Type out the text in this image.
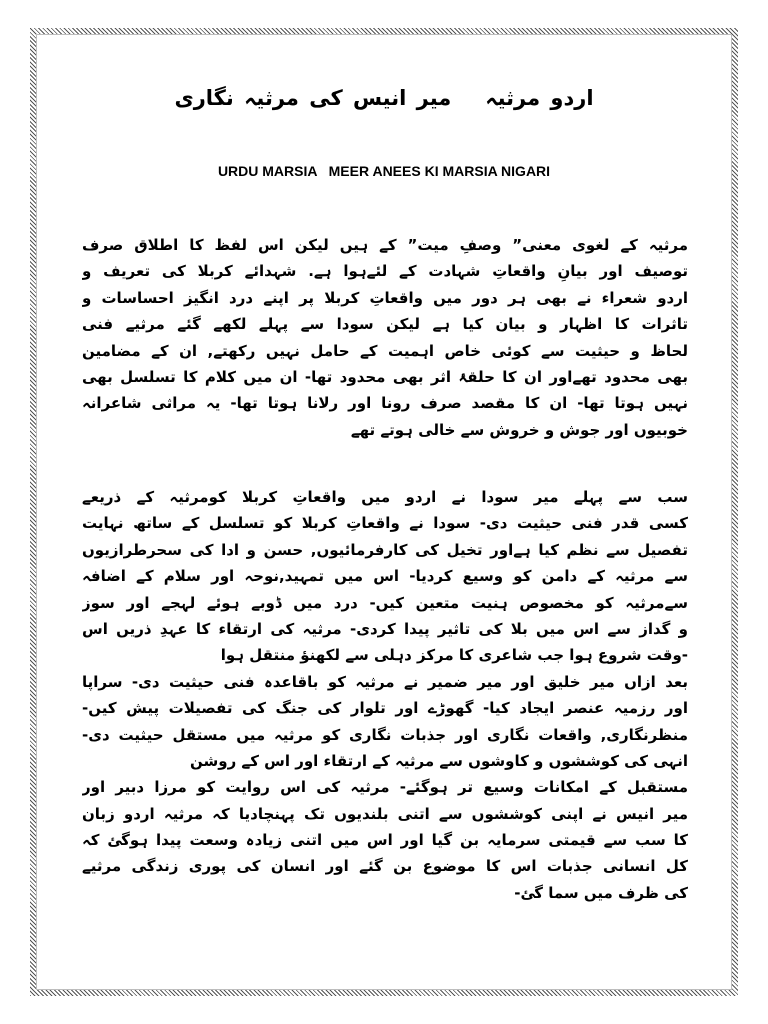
اردو مرثیہمیر انیس کی مرثیہ نگاری
URDU MARSIA   MEER ANEES KI MARSIA NIGARI
مرثیہ کے لغوی معنی” وصفِ میت” کے ہیں لیکن اس لفظ کا اطلاق صرف
توصیف اور بیانِ واقعاتِ شہادت کے لئےہوا ہے. شہدائے کربلا کی تعریف و
اردو شعراء نے بھی ہر دور میں واقعاتِ کربلا پر اپنے درد انگیز احساسات و
تاثرات کا اظہار و بیان کیا ہے لیکن سودا سے پہلے لکھے گئے مرثیے فنی
لحاظ و حیثیت سے کوئی خاص اہمیت کے حامل نہیں رکھتے, ان کے مضامین
بھی محدود تھےاور ان کا حلقۂ اثر بھی محدود تھا- ان میں کلام کا تسلسل بھی
نہیں ہوتا تھا- ان کا مقصد صرف رونا اور رلانا ہوتا تھا- یہ مراثی شاعرانہ
خوبیوں اور جوش و خروش سے خالی ہوتے تھے
سب سے پہلے میر سودا نے اردو میں واقعاتِ کربلا کومرثیہ کے ذریعے
کسی قدر فنی حیثیت دی- سودا نے واقعاتِ کربلا کو تسلسل کے ساتھ نہایت
تفصیل سے نظم کیا ہےاور تخیل کی کارفرمائیوں, حسن و ادا کی سحرطرازیوں
سے مرثیہ کے دامن کو وسیع کردیا- اس میں تمہید,نوحہ اور سلام کے اضافہ
سےمرثیہ کو مخصوص ہنیت متعین کیں- درد میں ڈوبے ہوئے لہجے اور سوز
و گداز سے اس میں بلا کی تاثیر پیدا کردی- مرثیہ کی ارتقاء کا عہدِ ذریں اس
-وقت شروع ہوا جب شاعری کا مرکز دہلی سے لکھنؤ منتقل ہوا
بعد ازاں میر خلیق اور میر ضمیر نے مرثیہ کو باقاعدہ فنی حیثیت دی- سراپا
اور رزمیہ عنصر ایجاد کیا- گھوڑے اور تلوار کی جنگ کی تفصیلات پیش کیں-
منظرنگاری, واقعات نگاری اور جذبات نگاری کو مرثیہ میں مستقل حیثیت دی-
انہی کی کوششوں و کاوشوں سے مرثیہ کے ارتقاء اور اس کے روشن
مستقبل کے امکانات وسیع تر ہوگئے- مرثیہ کی اس روایت کو مرزا دبیر اور
میر انیس نے اپنی کوششوں سے اتنی بلندیوں تک پہنچادیا کہ مرثیہ اردو زبان
کا سب سے قیمتی سرمایہ بن گیا اور اس میں اتنی زیادہ وسعت پیدا ہوگئ کہ
کل انسانی جذبات اس کا موضوع بن گئے اور انسان کی پوری زندگی مرثیے
کی ظرف میں سما گئ-
